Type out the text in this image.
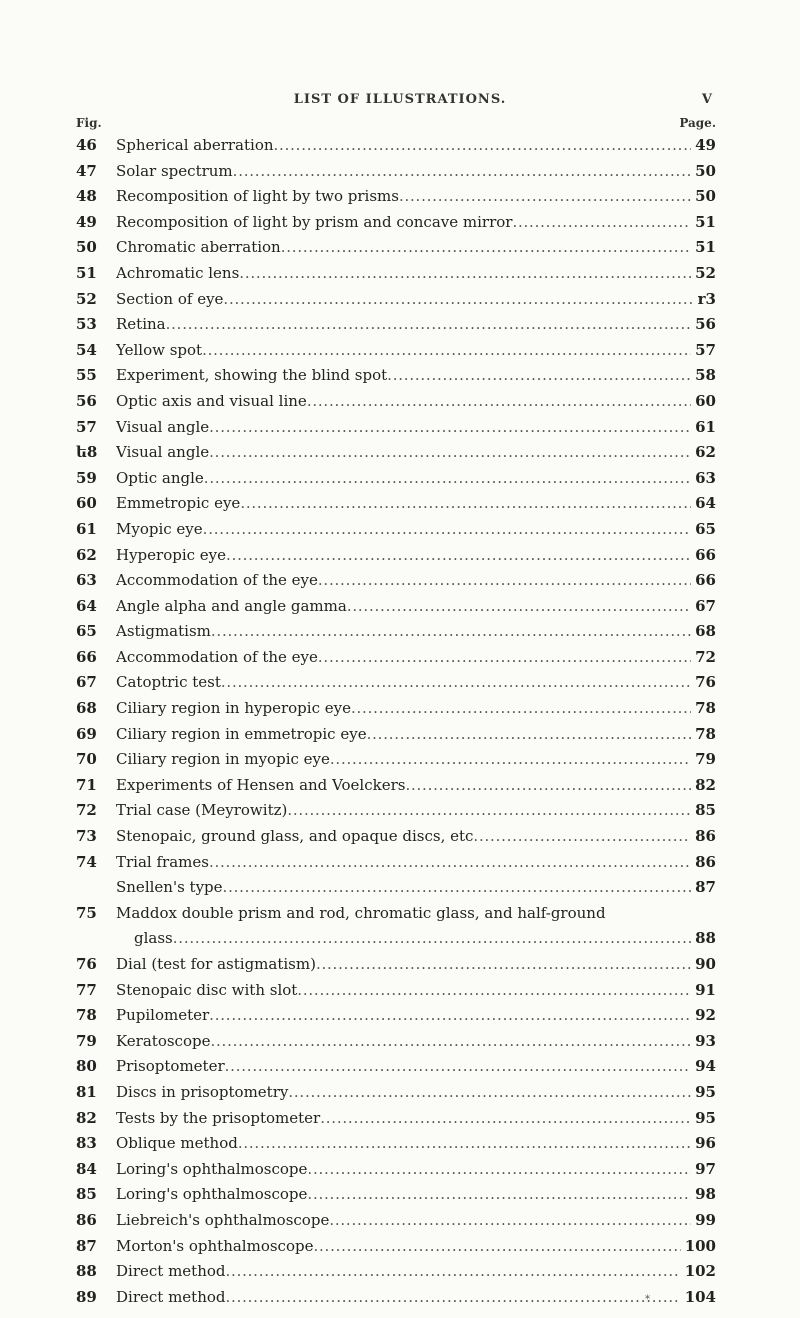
LIST OF ILLUSTRATIONS.	V
Fig.	Page.
46	Spherical aberration . . .	49
47	Solar spectrum . . .	50
48	Recomposition of light by two prisms . . .	50
49	Recomposition of light by prism and concave mirror . . .	51
50	Chromatic aberration . . .	51
51	Achromatic lens . . .	52
52	Section of eye . . .	r3
53	Retina . . .	56
54	Yellow spot . . .	57
55	Experiment, showing the blind spot . . .	58
56	Optic axis and visual line . . .	60
57	Visual angle . . .	61
ե8	Visual angle . . .	62
59	Optic angle . . .	63
60	Emmetropic eye . . .	64
61	Myopic eye . . .	65
62	Hyperopic eye . . .	66
63	Accommodation of the eye . . .	66
64	Angle alpha and angle gamma . . .	67
65	Astigmatism . . .	68
66	Accommodation of the eye . . .	72
67	Catoptric test . . .	76
68	Ciliary region in hyperopic eye . . .	78
69	Ciliary region in emmetropic eye . . .	78
70	Ciliary region in myopic eye . . .	79
71	Experiments of Hensen and Voelckers . . .	82
72	Trial case (Meyrowitz) . . .	85
73	Stenopaic, ground glass, and opaque discs, etc . . .	86
74	Trial frames . . .	86
Snellen's type . . .	87
75	Maddox double prism and rod, chromatic glass, and half-ground
glass . . .	88
76	Dial (test for astigmatism) . . .	90
77	Stenopaic disc with slot . . .	91
78	Pupilometer . . .	92
79	Keratoscope . . .	93
80	Prisoptometer . . .	94
81	Discs in prisoptometry . . .	95
82	Tests by the prisoptometer . . .	95
83	Oblique method . . .	96
84	Loring's ophthalmoscope . . .	97
85	Loring's ophthalmoscope . . .	98
86	Liebreich's ophthalmoscope . . .	99
87	Morton's ophthalmoscope . . .	100
88	Direct method . . .	102
89	Direct method . . .	104
*
